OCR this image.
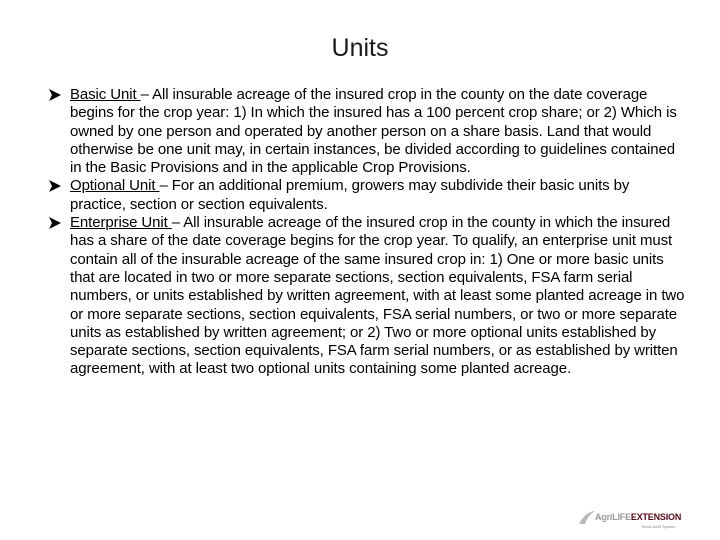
Units
Basic Unit – All insurable acreage of the insured crop in the county on the date coverage begins for the crop year: 1) In which the insured has a 100 percent crop share; or 2) Which is owned by one person and operated by another person on a share basis. Land that would otherwise be one unit may, in certain instances, be divided according to guidelines contained in the Basic Provisions and in the applicable Crop Provisions.
Optional Unit – For an additional premium, growers may subdivide their basic units by practice, section or section equivalents.
Enterprise Unit – All insurable acreage of the insured crop in the county in which the insured has a share of the date coverage begins for the crop year. To qualify, an enterprise unit must contain all of the insurable acreage of the same insured crop in: 1) One or more basic units that are located in two or more separate sections, section equivalents, FSA farm serial numbers, or units established by written agreement, with at least some planted acreage in two or more separate sections, section equivalents, FSA serial numbers, or two or more separate units as established by written agreement; or 2) Two or more optional units established by separate sections, section equivalents, FSA farm serial numbers, or as established by written agreement, with at least two optional units containing some planted acreage.
AgriLIFEEXTENSION
Texas A&M System
